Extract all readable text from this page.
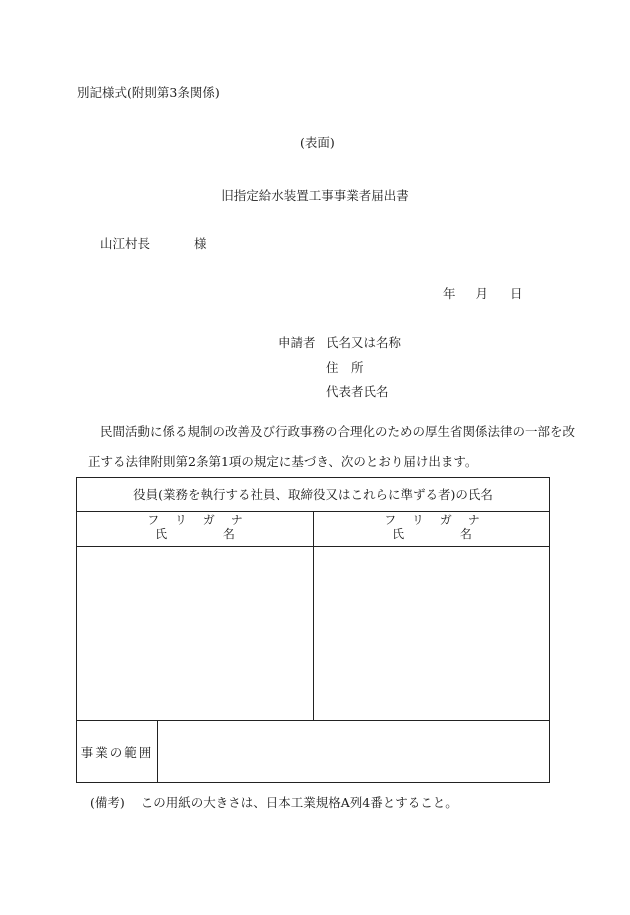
別記様式(附則第3条関係)
(表面)
旧指定給水装置工事事業者届出書
山江村長	様
年 月 日
申請者 氏名又は名称
住　所
代表者氏名
民間活動に係る規制の改善及び行政事務の合理化のための厚生省関係法律の一部を改
正する法律附則第2条第1項の規定に基づき、次のとおり届け出ます。
役員(業務を執行する社員、取締役又はこれらに準ずる者)の氏名
フリガナ
氏 名
フリガナ
氏 名
事業の範囲
(備考) この用紙の大きさは、日本工業規格A列4番とすること。
